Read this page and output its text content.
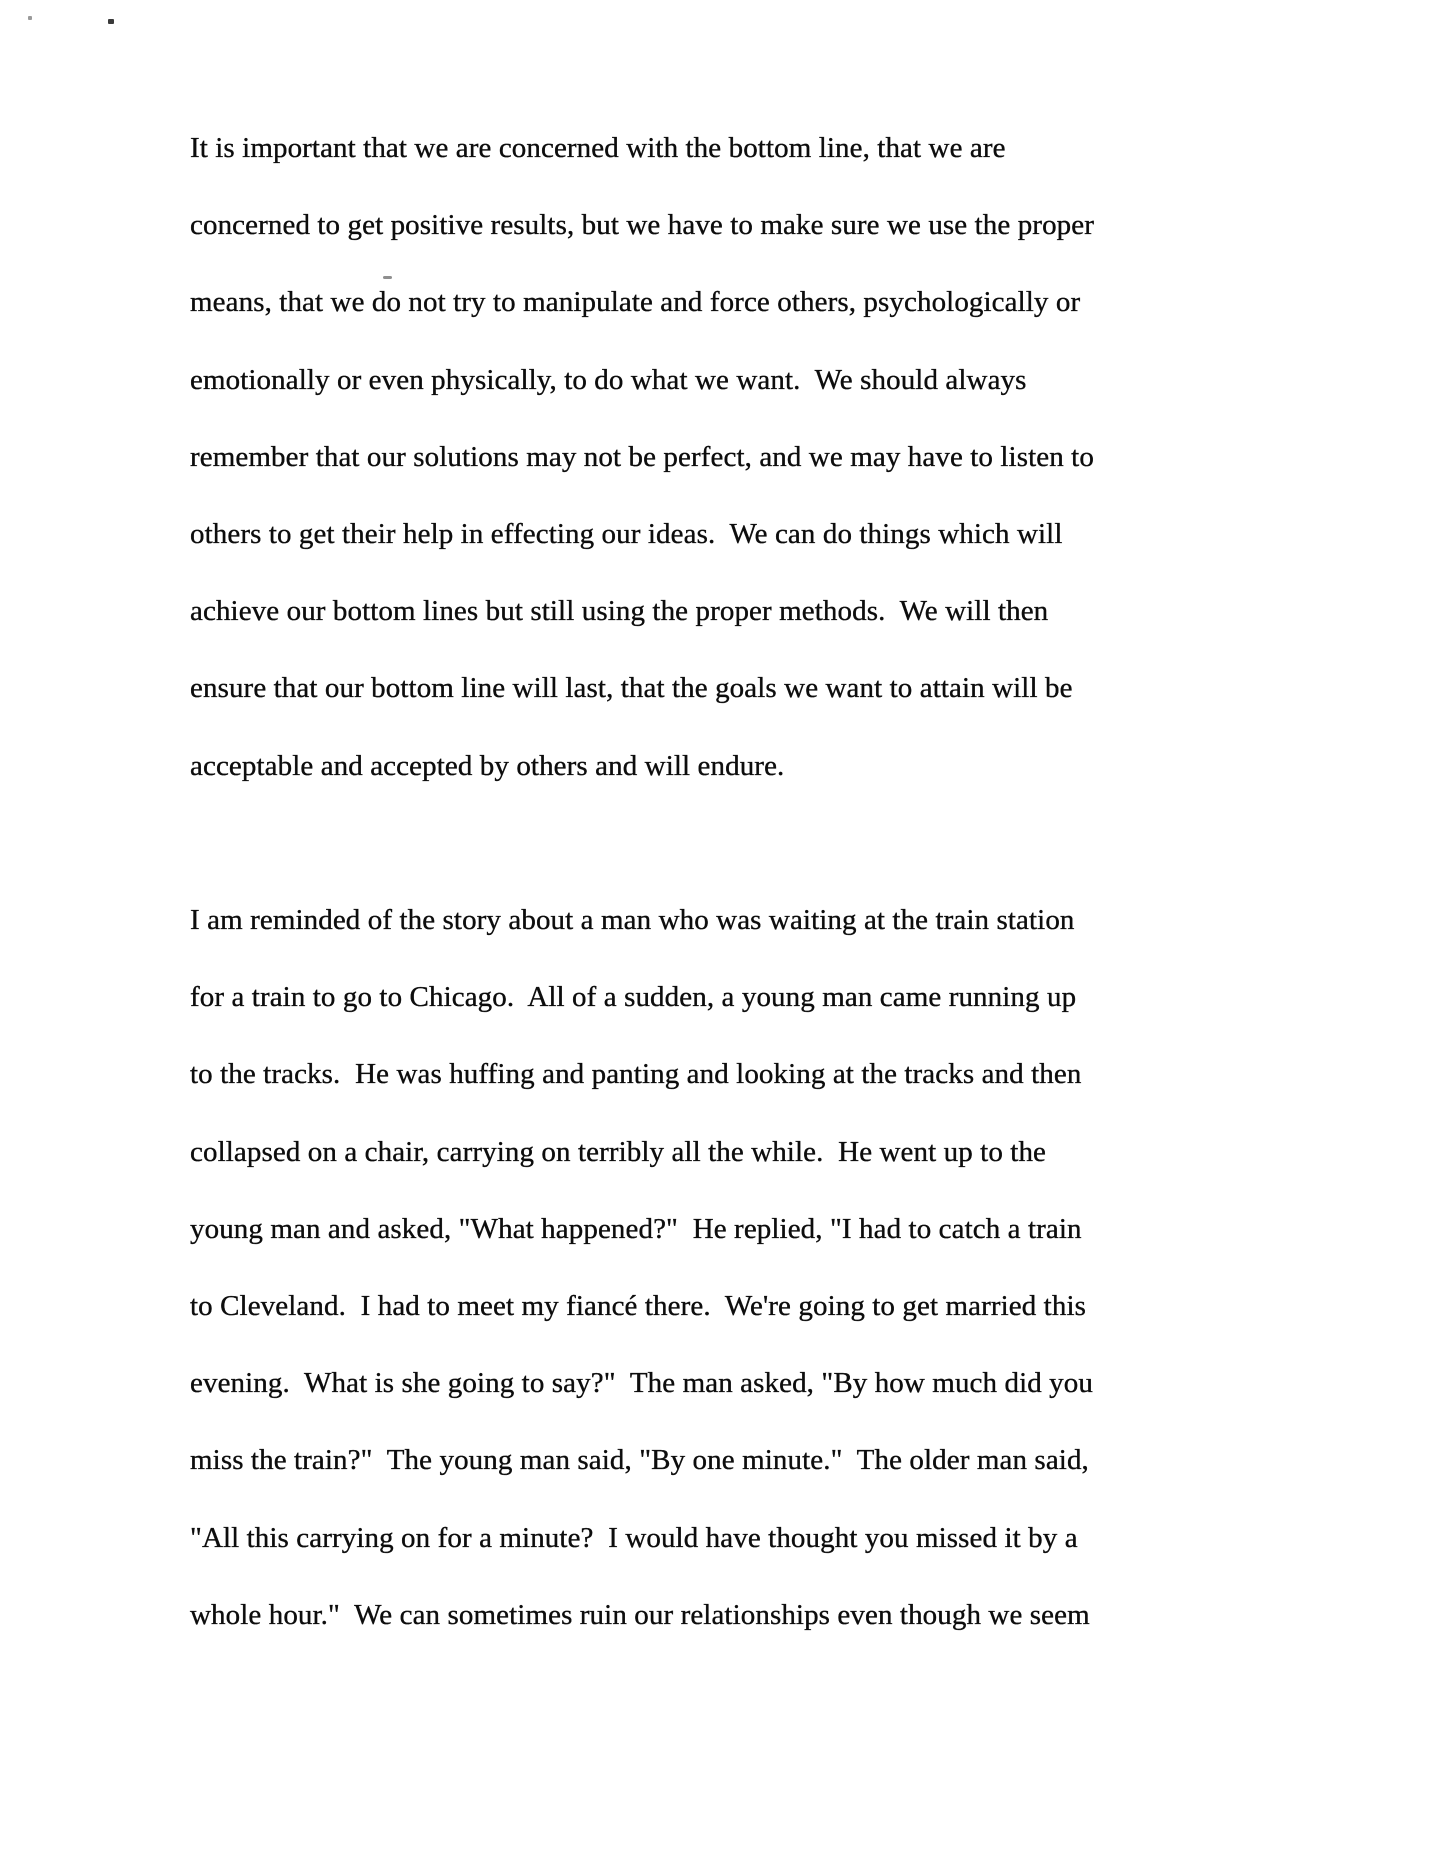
It is important that we are concerned with the bottom line, that we are
concerned to get positive results, but we have to make sure we use the proper
means, that we do not try to manipulate and force others, psychologically or
emotionally or even physically, to do what we want.  We should always
remember that our solutions may not be perfect, and we may have to listen to
others to get their help in effecting our ideas.  We can do things which will
achieve our bottom lines but still using the proper methods.  We will then
ensure that our bottom line will last, that the goals we want to attain will be
acceptable and accepted by others and will endure.
I am reminded of the story about a man who was waiting at the train station
for a train to go to Chicago.  All of a sudden, a young man came running up
to the tracks.  He was huffing and panting and looking at the tracks and then
collapsed on a chair, carrying on terribly all the while.  He went up to the
young man and asked, "What happened?"  He replied, "I had to catch a train
to Cleveland.  I had to meet my fiancé there.  We're going to get married this
evening.  What is she going to say?"  The man asked, "By how much did you
miss the train?"  The young man said, "By one minute."  The older man said,
"All this carrying on for a minute?  I would have thought you missed it by a
whole hour."  We can sometimes ruin our relationships even though we seem
